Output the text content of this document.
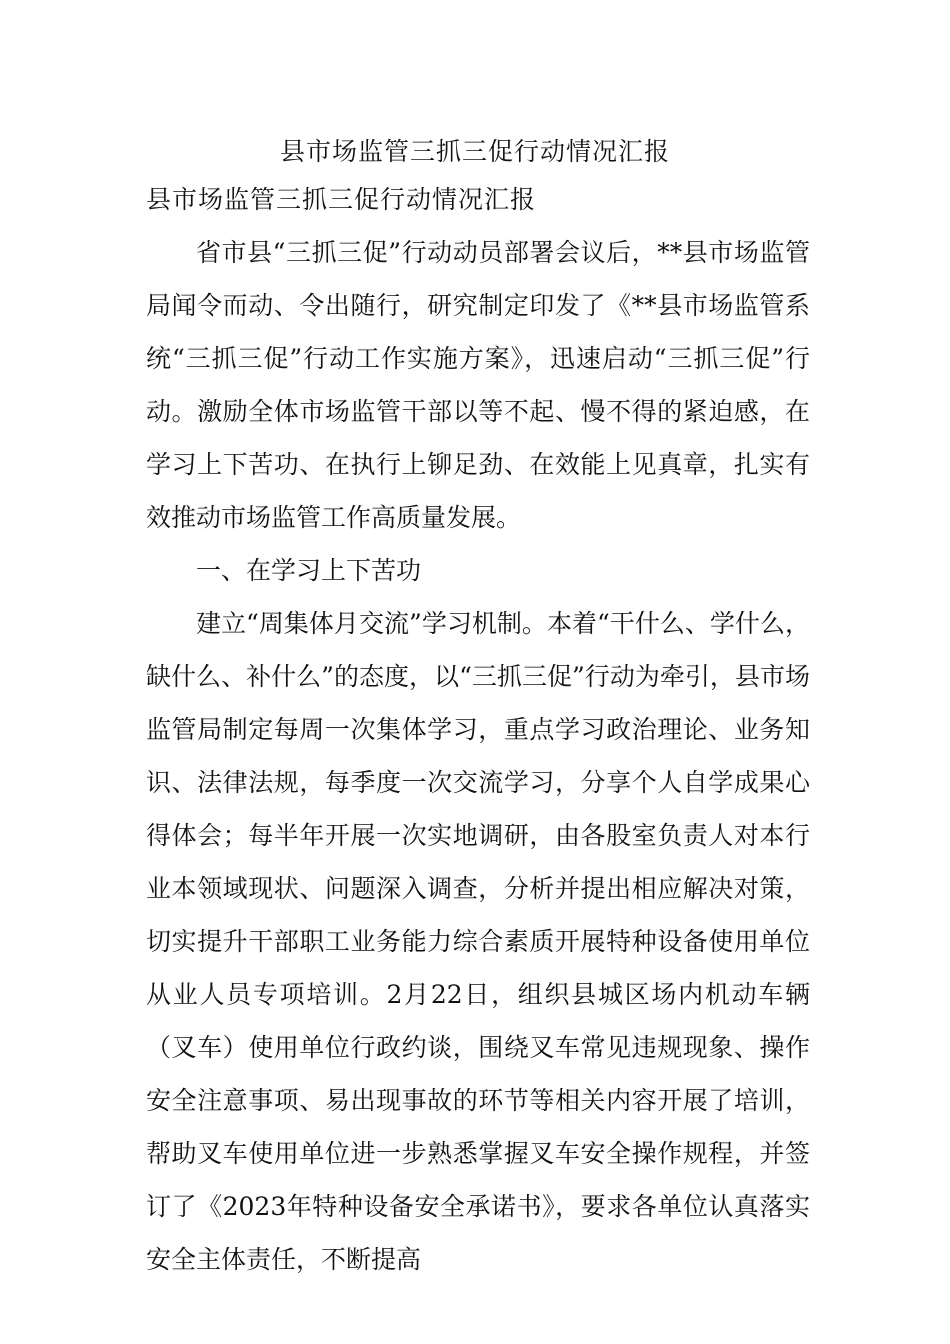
县市场监管三抓三促行动情况汇报
县市场监管三抓三促行动情况汇报

省市县“三抓三促”行动动员部署会议后，**县市场监管局闻令而动、令出随行，研究制定印发了《**县市场监管系统“三抓三促”行动工作实施方案》，迅速启动“三抓三促”行动。激励全体市场监管干部以等不起、慢不得的紧迫感，在学习上下苦功、在执行上铆足劲、在效能上见真章，扎实有效推动市场监管工作高质量发展。

一、在学习上下苦功

建立“周集体月交流”学习机制。本着“干什么、学什么，缺什么、补什么”的态度，以“三抓三促”行动为牵引，县市场监管局制定每周一次集体学习，重点学习政治理论、业务知识、法律法规，每季度一次交流学习，分享个人自学成果心得体会；每半年开展一次实地调研，由各股室负责人对本行业本领域现状、问题深入调查，分析并提出相应解决对策，切实提升干部职工业务能力综合素质开展特种设备使用单位从业人员专项培训。2月22日，组织县城区场内机动车辆（叉车）使用单位行政约谈，围绕叉车常见违规现象、操作安全注意事项、易出现事故的环节等相关内容开展了培训，帮助叉车使用单位进一步熟悉掌握叉车安全操作规程，并签订了《2023年特种设备安全承诺书》，要求各单位认真落实安全主体责任，不断提高
